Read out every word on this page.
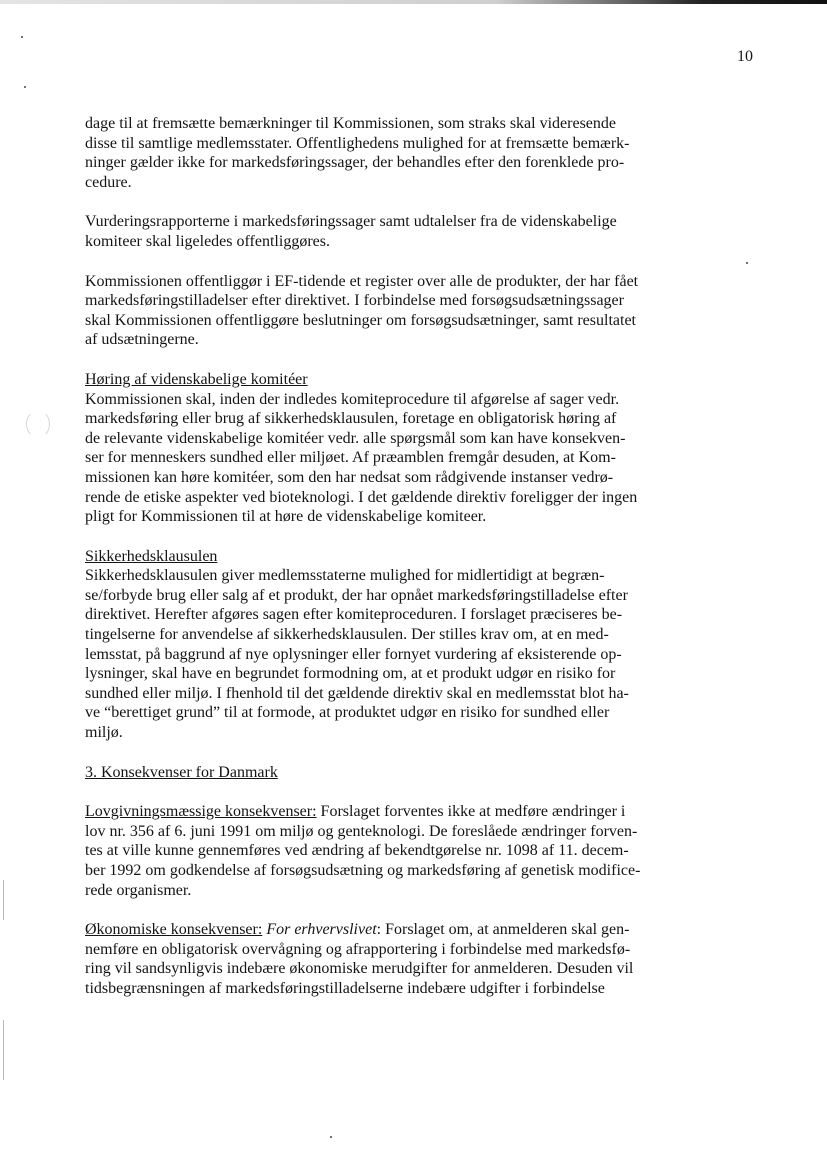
10

dage til at fremsætte bemærkninger til Kommissionen, som straks skal videresende
disse til samtlige medlemsstater. Offentlighedens mulighed for at fremsætte bemærk-
ninger gælder ikke for markedsføringssager, der behandles efter den forenklede pro-
cedure.

Vurderingsrapporterne i markedsføringssager samt udtalelser fra de videnskabelige
komiteer skal ligeledes offentliggøres.

Kommissionen offentliggør i EF-tidende et register over alle de produkter, der har fået
markedsføringstilladelser efter direktivet. I forbindelse med forsøgsudsætningssager
skal Kommissionen offentliggøre beslutninger om forsøgsudsætninger, samt resultatet
af udsætningerne.

Høring af videnskabelige komitéer
Kommissionen skal, inden der indledes komiteprocedure til afgørelse af sager vedr.
markedsføring eller brug af sikkerhedsklausulen, foretage en obligatorisk høring af
de relevante videnskabelige komitéer vedr. alle spørgsmål som kan have konsekven-
ser for menneskers sundhed eller miljøet. Af præamblen fremgår desuden, at Kom-
missionen kan høre komitéer, som den har nedsat som rådgivende instanser vedrø-
rende de etiske aspekter ved bioteknologi. I det gældende direktiv foreligger der ingen
pligt for Kommissionen til at høre de videnskabelige komiteer.

Sikkerhedsklausulen
Sikkerhedsklausulen giver medlemsstaterne mulighed for midlertidigt at begræn-
se/forbyde brug eller salg af et produkt, der har opnået markedsføringstilladelse efter
direktivet. Herefter afgøres sagen efter komiteproceduren. I forslaget præciseres be-
tingelserne for anvendelse af sikkerhedsklausulen. Der stilles krav om, at en med-
lemsstat, på baggrund af nye oplysninger eller fornyet vurdering af eksisterende op-
lysninger, skal have en begrundet formodning om, at et produkt udgør en risiko for
sundhed eller miljø. I fhenhold til det gældende direktiv skal en medlemsstat blot ha-
ve “berettiget grund” til at formode, at produktet udgør en risiko for sundhed eller
miljø.

3. Konsekvenser for Danmark

Lovgivningsmæssige konsekvenser: Forslaget forventes ikke at medføre ændringer i
lov nr. 356 af 6. juni 1991 om miljø og genteknologi. De foreslåede ændringer forven-
tes at ville kunne gennemføres ved ændring af bekendtgørelse nr. 1098 af 11. decem-
ber 1992 om godkendelse af forsøgsudsætning og markedsføring af genetisk modifice-
rede organismer.

Økonomiske konsekvenser: For erhvervslivet: Forslaget om, at anmelderen skal gen-
nemføre en obligatorisk overvågning og afrapportering i forbindelse med markedsfø-
ring vil sandsynligvis indebære økonomiske merudgifter for anmelderen. Desuden vil
tidsbegrænsningen af markedsføringstilladelserne indebære udgifter i forbindelse
